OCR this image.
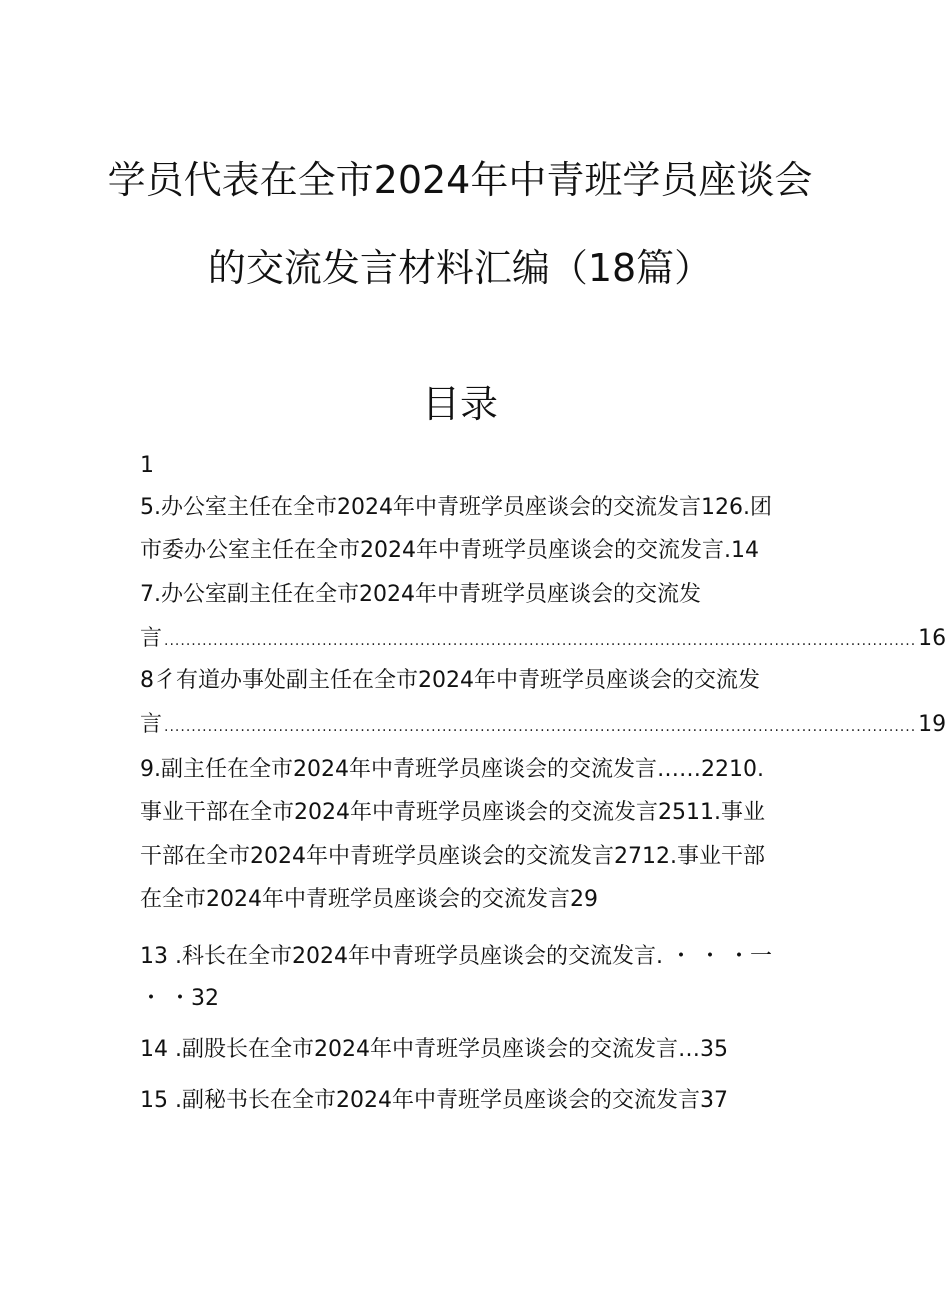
学员代表在全市2024年中青班学员座谈会
的交流发言材料汇编（18篇）
目录
1
5.办公室主任在全市2024年中青班学员座谈会的交流发言126.团
市委办公室主任在全市2024年中青班学员座谈会的交流发言.14
7.办公室副主任在全市2024年中青班学员座谈会的交流发
言 .......................................................................................................................................... 16
8彳有道办事处副主任在全市2024年中青班学员座谈会的交流发
言 .......................................................................................................................................... 19
9.副主任在全市2024年中青班学员座谈会的交流发言……2210.
事业干部在全市2024年中青班学员座谈会的交流发言2511.事业
干部在全市2024年中青班学员座谈会的交流发言2712.事业干部
在全市2024年中青班学员座谈会的交流发言29
13 .科长在全市2024年中青班学员座谈会的交流发言. ・ ・ ・一
・ ・32
14 .副股长在全市2024年中青班学员座谈会的交流发言…35
15 .副秘书长在全市2024年中青班学员座谈会的交流发言37
